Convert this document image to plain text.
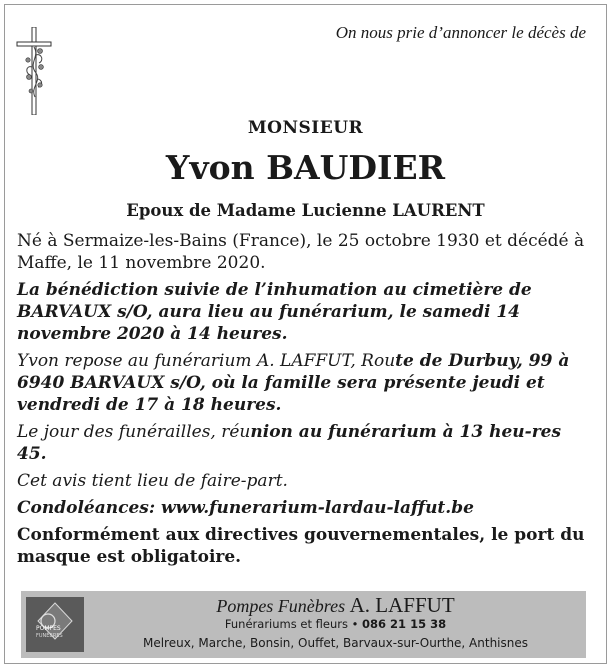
On nous prie d’annoncer le décès de
MONSIEUR
Yvon BAUDIER
Epoux de Madame Lucienne LAURENT

Né à Sermaize-les-Bains (France), le 25 octobre 1930 et décédé à Maffe, le 11 novembre 2020.

La bénédiction suivie de l’inhumation au cimetière de BARVAUX s/O, aura lieu au funérarium, le samedi 14 novembre 2020 à 14 heures.

Yvon repose au funérarium A. LAFFUT, Route de Durbuy, 99 à 6940 BARVAUX s/O, où la famille sera présente jeudi et vendredi de 17 à 18 heures.

Le jour des funérailles, réunion au funérarium à 13 heu-res 45.

Cet avis tient lieu de faire-part.

Condoléances: www.funerarium-lardau-laffut.be

Conformément aux directives gouvernementales, le port du masque est obligatoire.

POMPES
FUNÈBRES
Pompes Funèbres A. LAFFUT
Funérariums et fleurs • 086 21 15 38
Melreux, Marche, Bonsin, Ouffet, Barvaux-sur-Ourthe, Anthisnes
